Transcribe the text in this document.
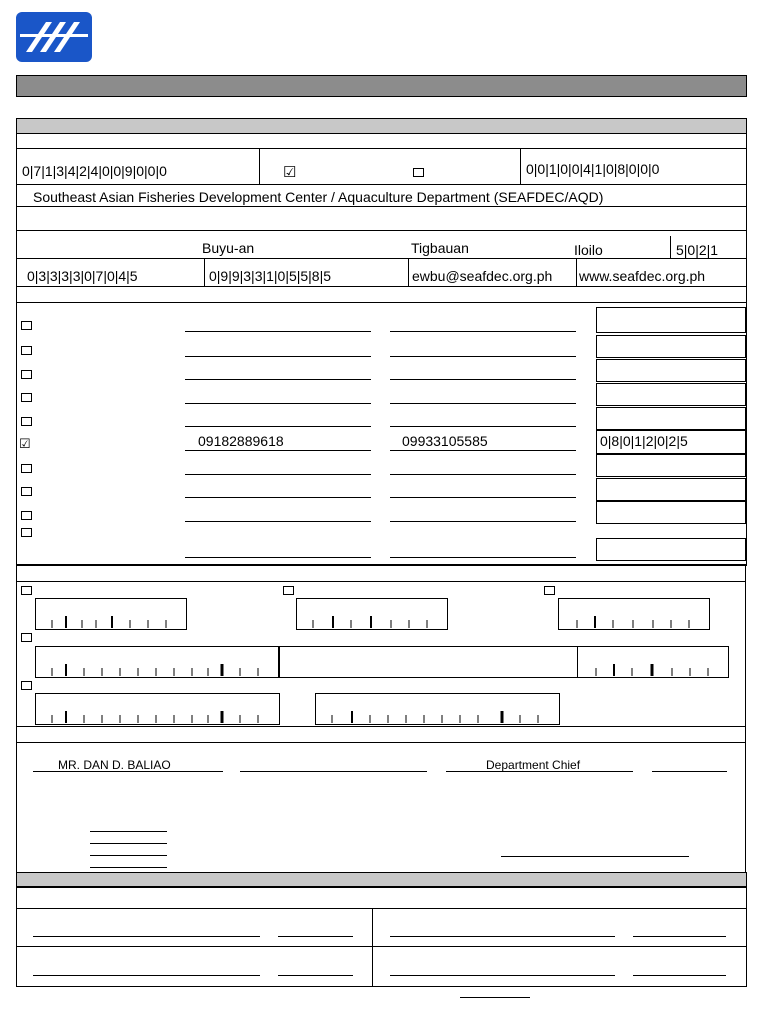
0|7|1|3|4|2|4|0|0|9|0|0|0	☑	0|0|1|0|0|4|1|0|8|0|0|0
Southeast Asian Fisheries Development Center / Aquaculture Department (SEAFDEC/AQD)
Buyu-an	Tigbauan	Iloilo	5|0|2|1
0|3|3|3|3|0|7|0|4|5	0|9|9|3|3|1|0|5|5|8|5	ewbu@seafdec.org.ph www.seafdec.org.ph
☑	09182889618	09933105585	0|8|0|1|2|0|2|5
MR. DAN D. BALIAO	Department Chief
